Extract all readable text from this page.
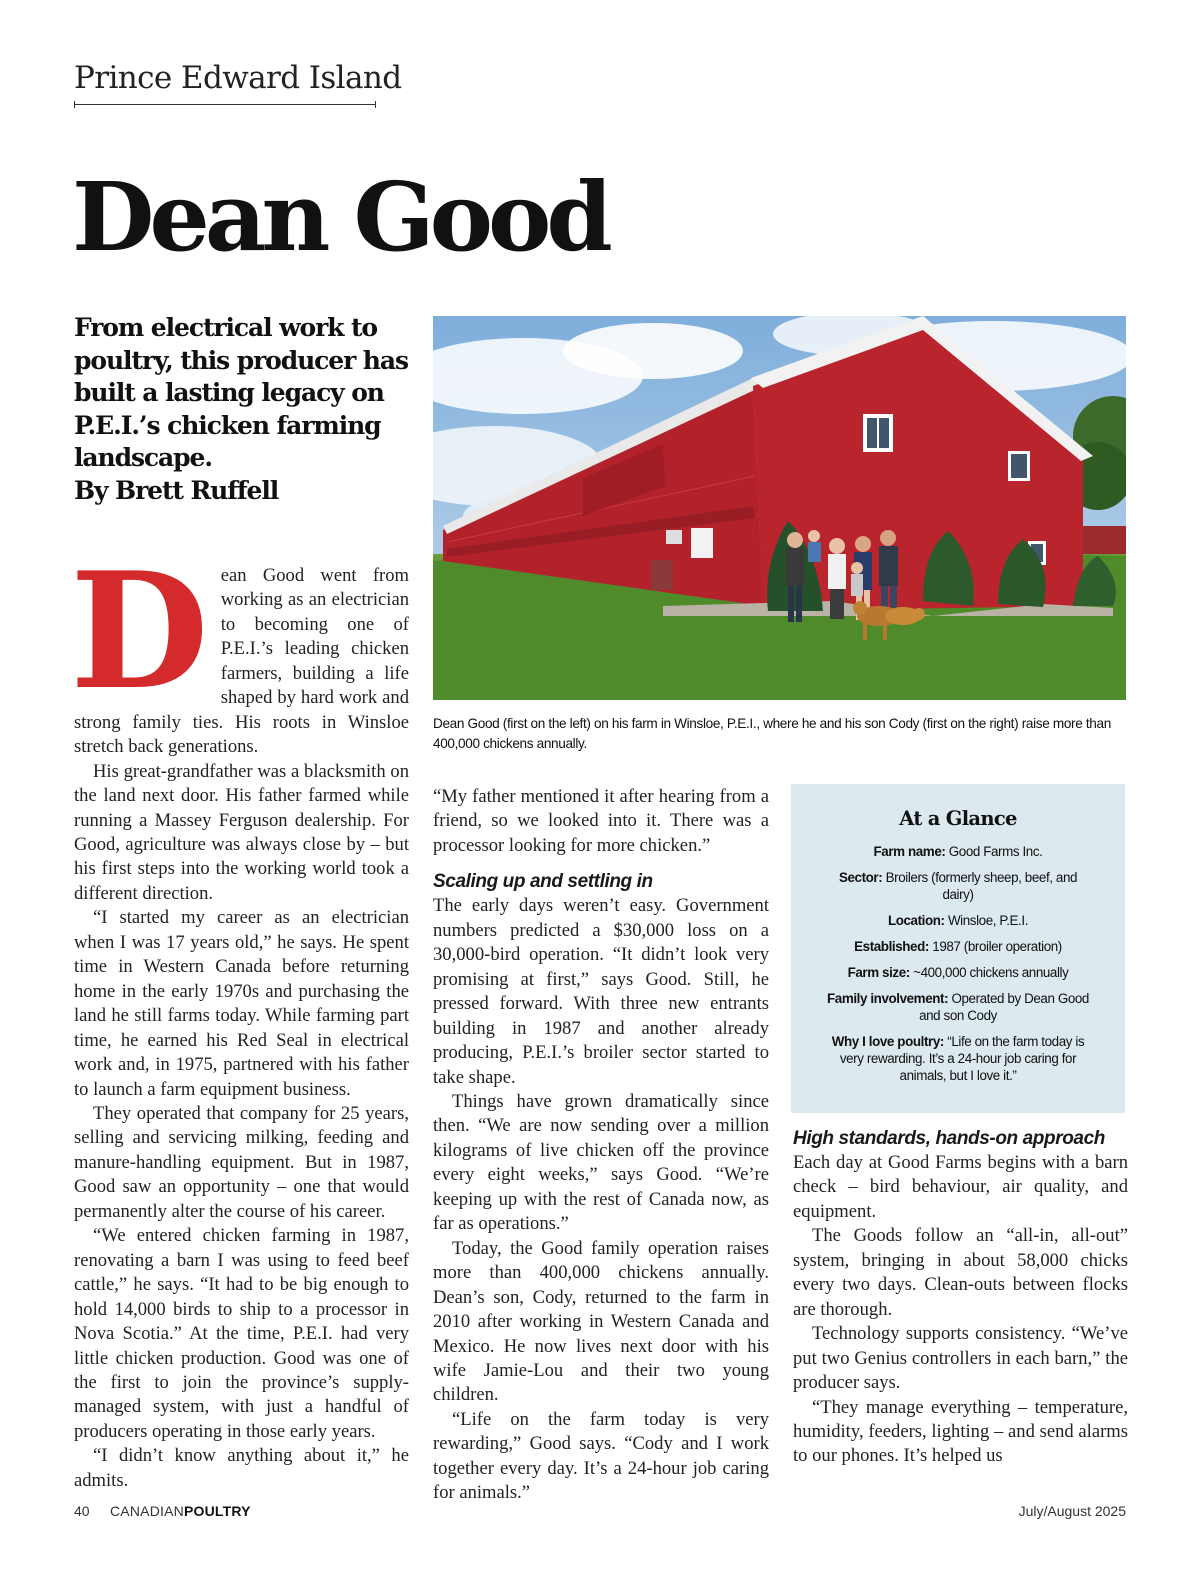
Prince Edward Island
Dean Good
From electrical work to poultry, this producer has built a lasting legacy on P.E.I.’s chicken farming landscape.
By Brett Ruffell
Dean Good (first on the left) on his farm in Winsloe, P.E.I., where he and his son Cody (first on the right) raise more than 400,000 chickens annually.

Dean Good went from working as an electrician to becoming one of P.E.I.’s leading chicken farmers, building a life shaped by hard work and strong family ties. His roots in Winsloe stretch back generations.

His great-grandfather was a blacksmith on the land next door. His father farmed while running a Massey Ferguson dealership. For Good, agriculture was always close by – but his first steps into the working world took a different direction.

“I started my career as an electrician when I was 17 years old,” he says. He spent time in Western Canada before returning home in the early 1970s and purchasing the land he still farms today. While farming part time, he earned his Red Seal in electrical work and, in 1975, partnered with his father to launch a farm equipment business.

They operated that company for 25 years, selling and servicing milking, feeding and manure-handling equipment. But in 1987, Good saw an opportunity – one that would permanently alter the course of his career.

“We entered chicken farming in 1987, renovating a barn I was using to feed beef cattle,” he says. “It had to be big enough to hold 14,000 birds to ship to a processor in Nova Scotia.” At the time, P.E.I. had very little chicken production. Good was one of the first to join the province’s supply-managed system, with just a handful of producers operating in those early years.

“I didn’t know anything about it,” he admits.

“My father mentioned it after hearing from a friend, so we looked into it. There was a processor looking for more chicken.”

Scaling up and settling in

The early days weren’t easy. Government numbers predicted a $30,000 loss on a 30,000-bird operation. “It didn’t look very promising at first,” says Good. Still, he pressed forward. With three new entrants building in 1987 and another already producing, P.E.I.’s broiler sector started to take shape.

Things have grown dramatically since then. “We are now sending over a million kilograms of live chicken off the province every eight weeks,” says Good. “We’re keeping up with the rest of Canada now, as far as operations.”

Today, the Good family operation raises more than 400,000 chickens annually. Dean’s son, Cody, returned to the farm in 2010 after working in Western Canada and Mexico. He now lives next door with his wife Jamie-Lou and their two young children.

“Life on the farm today is very rewarding,” Good says. “Cody and I work together every day. It’s a 24-hour job caring for animals.”

At a Glance
Farm name: Good Farms Inc.
Sector: Broilers (formerly sheep, beef, and dairy)
Location: Winsloe, P.E.I.
Established: 1987 (broiler operation)
Farm size: ~400,000 chickens annually
Family involvement: Operated by Dean Good and son Cody
Why I love poultry: “Life on the farm today is very rewarding. It’s a 24-hour job caring for animals, but I love it.”
High standards, hands-on approach

Each day at Good Farms begins with a barn check – bird behaviour, air quality, and equipment.

The Goods follow an “all-in, all-out” system, bringing in about 58,000 chicks every two days. Clean-outs between flocks are thorough.

Technology supports consistency. “We’ve put two Genius controllers in each barn,” the producer says.

“They manage everything – temperature, humidity, feeders, lighting – and send alarms to our phones. It’s helped us

40 CANADIANPOULTRY	July/August 2025
